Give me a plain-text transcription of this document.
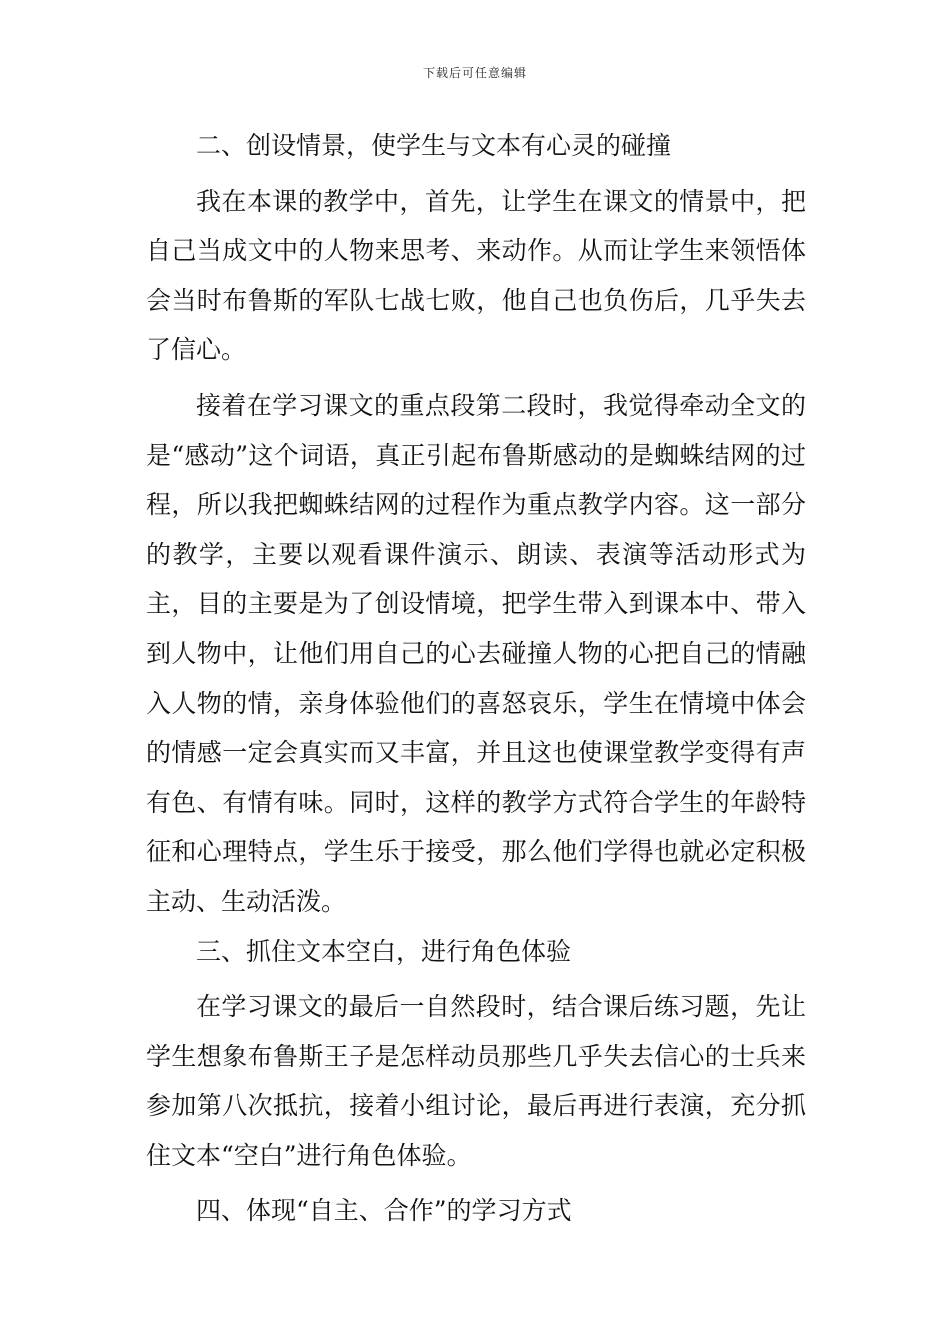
下载后可任意编辑

二、创设情景，使学生与文本有心灵的碰撞

我在本课的教学中，首先，让学生在课文的情景中，把自己当成文中的人物来思考、来动作。从而让学生来领悟体会当时布鲁斯的军队七战七败，他自己也负伤后，几乎失去了信心。

接着在学习课文的重点段第二段时，我觉得牵动全文的是“感动”这个词语，真正引起布鲁斯感动的是蜘蛛结网的过程，所以我把蜘蛛结网的过程作为重点教学内容。这一部分的教学，主要以观看课件演示、朗读、表演等活动形式为主，目的主要是为了创设情境，把学生带入到课本中、带入到人物中，让他们用自己的心去碰撞人物的心把自己的情融入人物的情，亲身体验他们的喜怒哀乐，学生在情境中体会的情感一定会真实而又丰富，并且这也使课堂教学变得有声有色、有情有味。同时，这样的教学方式符合学生的年龄特征和心理特点，学生乐于接受，那么他们学得也就必定积极主动、生动活泼。

三、抓住文本空白，进行角色体验

在学习课文的最后一自然段时，结合课后练习题，先让学生想象布鲁斯王子是怎样动员那些几乎失去信心的士兵来参加第八次抵抗，接着小组讨论，最后再进行表演，充分抓住文本“空白”进行角色体验。

四、体现“自主、合作”的学习方式
